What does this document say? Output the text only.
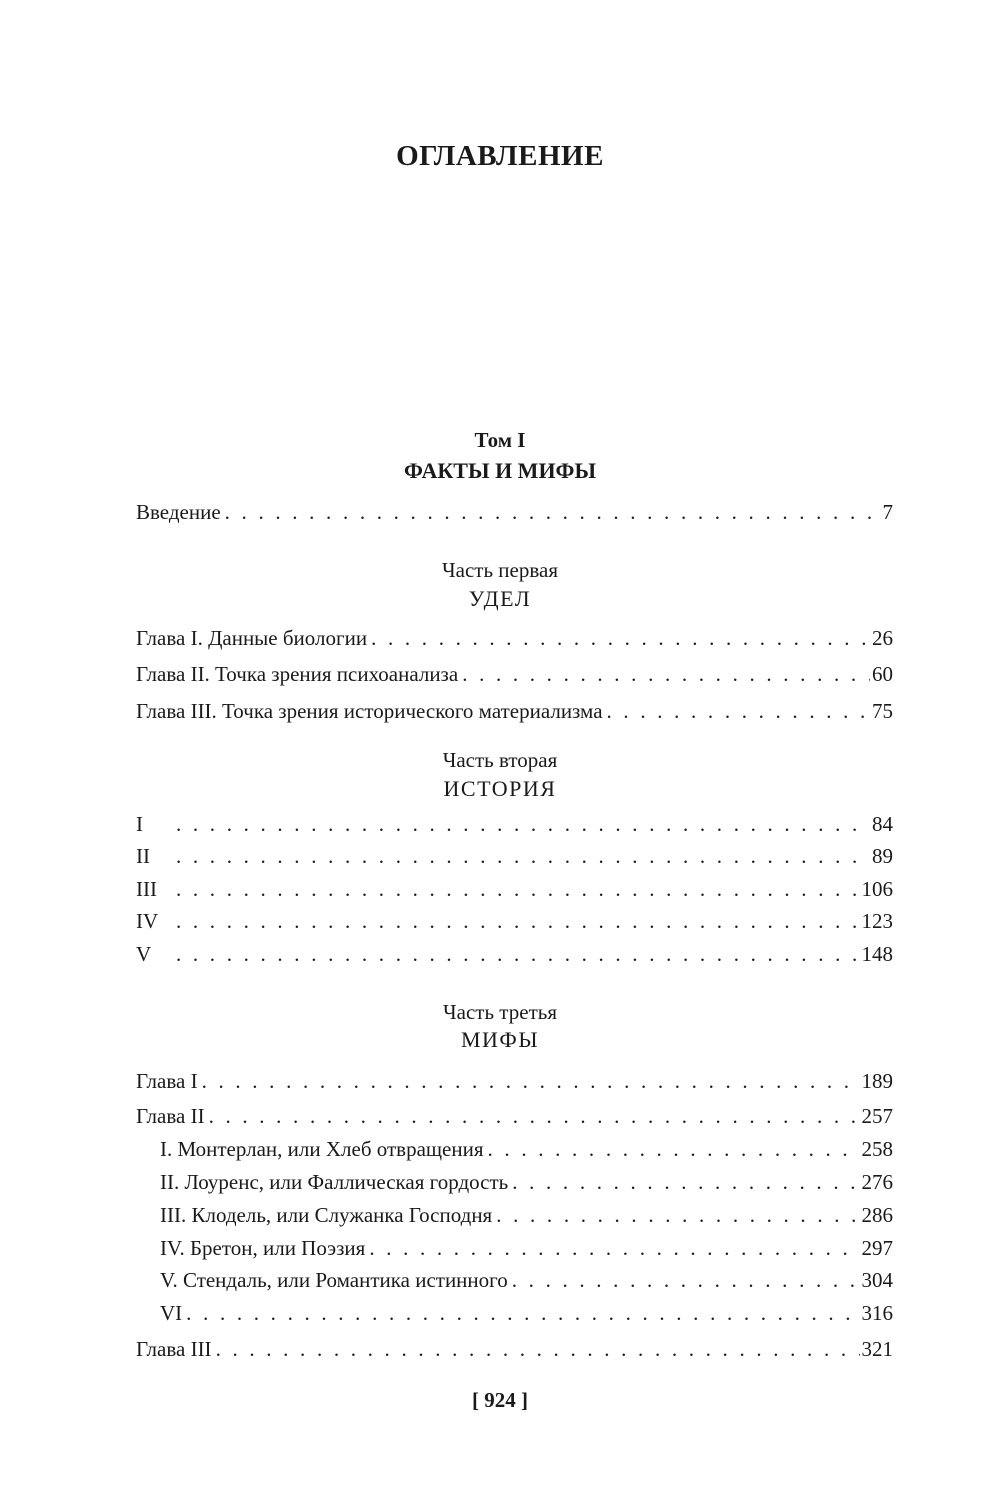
ОГЛАВЛЕНИЕ
Том I
ФАКТЫ И МИФЫ
Введение . . .	7
Часть первая
УДЕЛ
Глава I. Данные биологии . . .	26
Глава II. Точка зрения психоанализа . . .	60
Глава III. Точка зрения исторического материализма . . .	75
Часть вторая
ИСТОРИЯ
I . . .	84
II . . .	89
III . . .	106
IV . . .	123
V . . .	148
Часть третья
МИФЫ
Глава I . . .	189
Глава II . . .	257
I. Монтерлан, или Хлеб отвращения . . .	258
II. Лоуренс, или Фаллическая гордость . . .	276
III. Клодель, или Служанка Господня . . .	286
IV. Бретон, или Поэзия . . .	297
V. Стендаль, или Романтика истинного . . .	304
VI . . .	316
Глава III . . .	321
[ 924 ]
